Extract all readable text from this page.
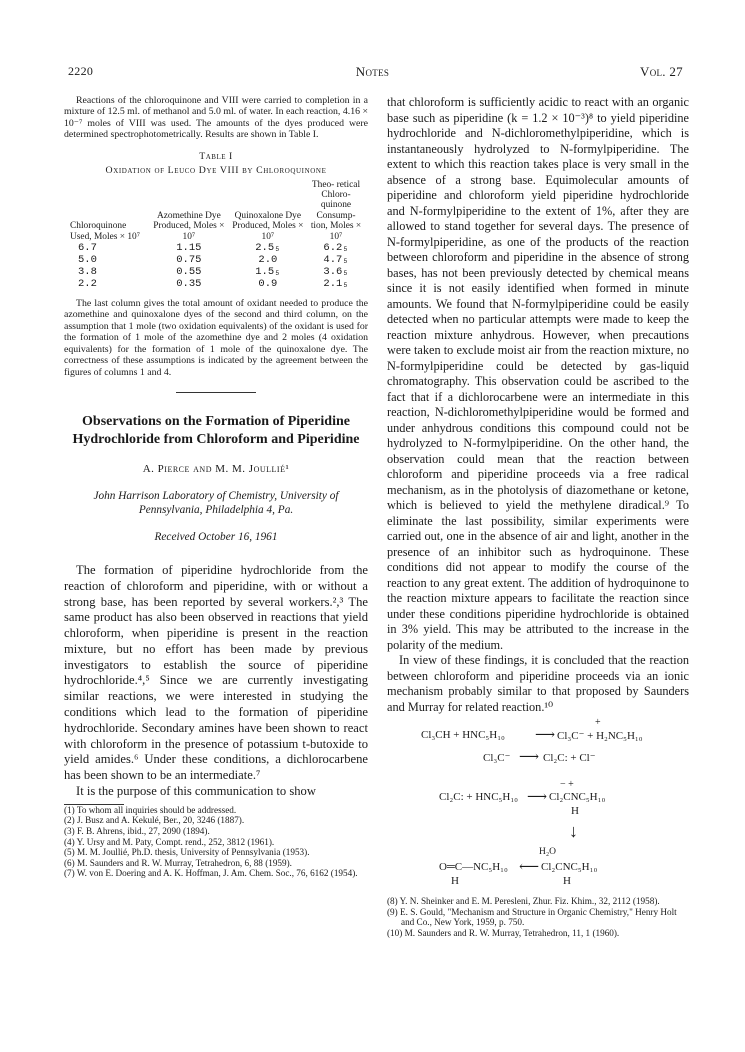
2220	Notes	Vol. 27

Reactions of the chloroquinone and VIII were carried to completion in a mixture of 12.5 ml. of methanol and 5.0 ml. of water. In each reaction, 4.16 × 10⁻⁷ moles of VIII was used. The amounts of the dyes produced were determined spectrophotometrically. Results are shown in Table I.

Table I
Oxidation of Leuco Dye VIII by Chloroquinone
Chloroquinone Used, Moles × 10⁷	Azomethine Dye Produced, Moles × 10⁷	Quinoxalone Dye Produced, Moles × 10⁷	Theo- retical Chloro- quinone Consump- tion, Moles × 10⁷
6.7	1.15	2.5₅	6.2₅
5.0	0.75	2.0	4.7₅
3.8	0.55	1.5₅	3.6₅
2.2	0.35	0.9	2.1₅

The last column gives the total amount of oxidant needed to produce the azomethine and quinoxalone dyes of the second and third column, on the assumption that 1 mole (two oxidation equivalents) of the oxidant is used for the formation of 1 mole of the azomethine dye and 2 moles (4 oxidation equivalents) for the formation of 1 mole of the quinoxalone dye. The correctness of these assumptions is indicated by the agreement between the figures of columns 1 and 4.

Observations on the Formation of Piperidine Hydrochloride from Chloroform and Piperidine
A. Pierce and M. M. Joullié¹
John Harrison Laboratory of Chemistry, University of Pennsylvania, Philadelphia 4, Pa.
Received October 16, 1961

The formation of piperidine hydrochloride from the reaction of chloroform and piperidine, with or without a strong base, has been reported by several workers.²,³ The same product has also been observed in reactions that yield chloroform, when piperidine is present in the reaction mixture, but no effort has been made by previous investigators to establish the source of piperidine hydrochloride.⁴,⁵ Since we are currently investigating similar reactions, we were interested in studying the conditions which lead to the formation of piperidine hydrochloride. Secondary amines have been shown to react with chloroform in the presence of potassium t-butoxide to yield amides.⁶ Under these conditions, a dichlorocarbene has been shown to be an intermediate.⁷

It is the purpose of this communication to show

(1) To whom all inquiries should be addressed.
(2) J. Busz and A. Kekulé, Ber., 20, 3246 (1887).
(3) F. B. Ahrens, ibid., 27, 2090 (1894).
(4) Y. Ursy and M. Paty, Compt. rend., 252, 3812 (1961).
(5) M. M. Joullié, Ph.D. thesis, University of Pennsylvania (1953).
(6) M. Saunders and R. W. Murray, Tetrahedron, 6, 88 (1959).
(7) W. von E. Doering and A. K. Hoffman, J. Am. Chem. Soc., 76, 6162 (1954).

that chloroform is sufficiently acidic to react with an organic base such as piperidine (k = 1.2 × 10⁻³)⁸ to yield piperidine hydrochloride and N-dichloromethylpiperidine, which is instantaneously hydrolyzed to N-formylpiperidine. The extent to which this reaction takes place is very small in the absence of a strong base. Equimolecular amounts of piperidine and chloroform yield piperidine hydrochloride and N-formylpiperidine to the extent of 1%, after they are allowed to stand together for several days. The presence of N-formylpiperidine, as one of the products of the reaction between chloroform and piperidine in the absence of strong bases, has not been previously detected by chemical means since it is not easily identified when formed in minute amounts. We found that N-formylpiperidine could be easily detected when no particular attempts were made to keep the reaction mixture anhydrous. However, when precautions were taken to exclude moist air from the reaction mixture, no N-formylpiperidine could be detected by gas-liquid chromatography. This observation could be ascribed to the fact that if a dichlorocarbene were an intermediate in this reaction, N-dichloromethylpiperidine would be formed and under anhydrous conditions this compound could not be hydrolyzed to N-formylpiperidine. On the other hand, the observation could mean that the reaction between chloroform and piperidine proceeds via a free radical mechanism, as in the photolysis of diazomethane or ketone, which is believed to yield the methylene diradical.⁹ To eliminate the last possibility, similar experiments were carried out, one in the absence of air and light, another in the presence of an inhibitor such as hydroquinone. These conditions did not appear to modify the course of the reaction to any great extent. The addition of hydroquinone to the reaction mixture appears to facilitate the reaction since under these conditions piperidine hydrochloride is obtained in 3% yield. This may be attributed to the increase in the polarity of the medium.

In view of these findings, it is concluded that the reaction between chloroform and piperidine proceeds via an ionic mechanism probably similar to that proposed by Saunders and Murray for related reaction.¹⁰

+
Cl₃CH + HNC₅H₁₀ ⟶ Cl₃C⁻ + H₂NC₅H₁₀
Cl₃C⁻ ⟶ Cl₂C: + Cl⁻
− +
Cl₂C: + HNC₅H₁₀ ⟶ Cl₂CNC₅H₁₀
H
↓
H₂O
O═C—NC₅H₁₀ ⟵ Cl₂CNC₅H₁₀
H	H
(8) Y. N. Sheinker and E. M. Peresleni, Zhur. Fiz. Khim., 32, 2112 (1958).
(9) E. S. Gould, "Mechanism and Structure in Organic Chemistry," Henry Holt and Co., New York, 1959, p. 750.
(10) M. Saunders and R. W. Murray, Tetrahedron, 11, 1 (1960).
